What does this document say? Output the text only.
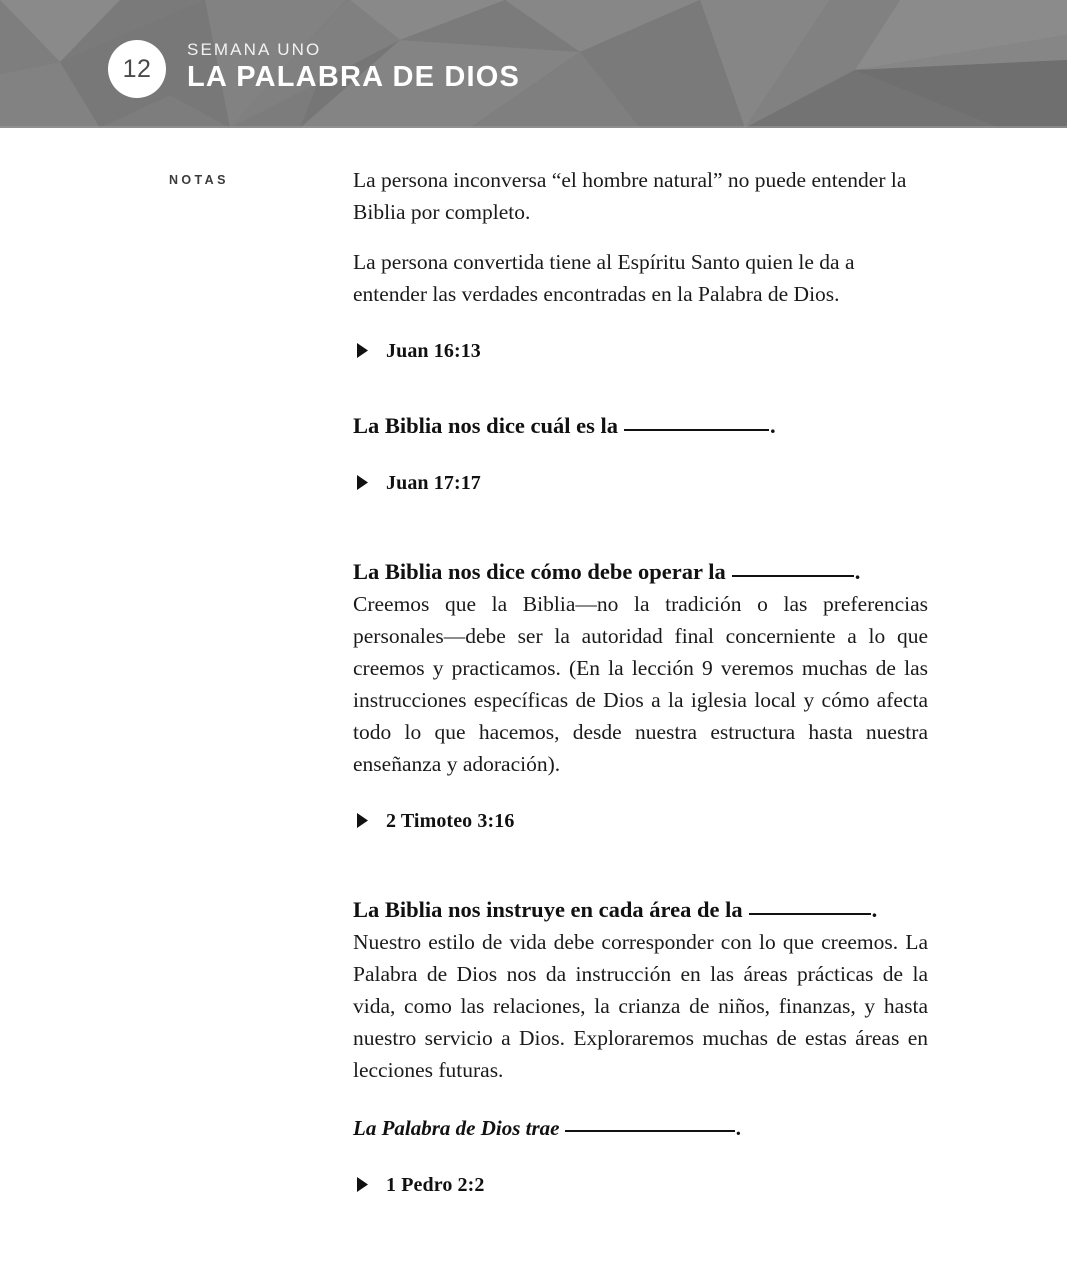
12
SEMANA UNO
LA PALABRA DE DIOS
NOTAS	La persona inconversa “el hombre natural” no puede entender la Biblia por completo.

La persona convertida tiene al Espíritu Santo quien le da a entender las verdades encontradas en la Palabra de Dios.

Juan 16:13
La Biblia nos dice cuál es la	.
Juan 17:17
La Biblia nos dice cómo debe operar la	.

Creemos que la Biblia—no la tradición o las preferencias personales—debe ser la autoridad final concerniente a lo que creemos y practicamos. (En la lección 9 veremos muchas de las instrucciones específicas de Dios a la iglesia local y cómo afecta todo lo que hacemos, desde nuestra estructura hasta nuestra enseñanza y adoración).

2 Timoteo 3:16
La Biblia nos instruye en cada área de la	.

Nuestro estilo de vida debe corresponder con lo que creemos. La Palabra de Dios nos da instrucción en las áreas prácticas de la vida, como las relaciones, la crianza de niños, finanzas, y hasta nuestro servicio a Dios. Exploraremos muchas de estas áreas en lecciones futuras.

La Palabra de Dios trae	.
1 Pedro 2:2
